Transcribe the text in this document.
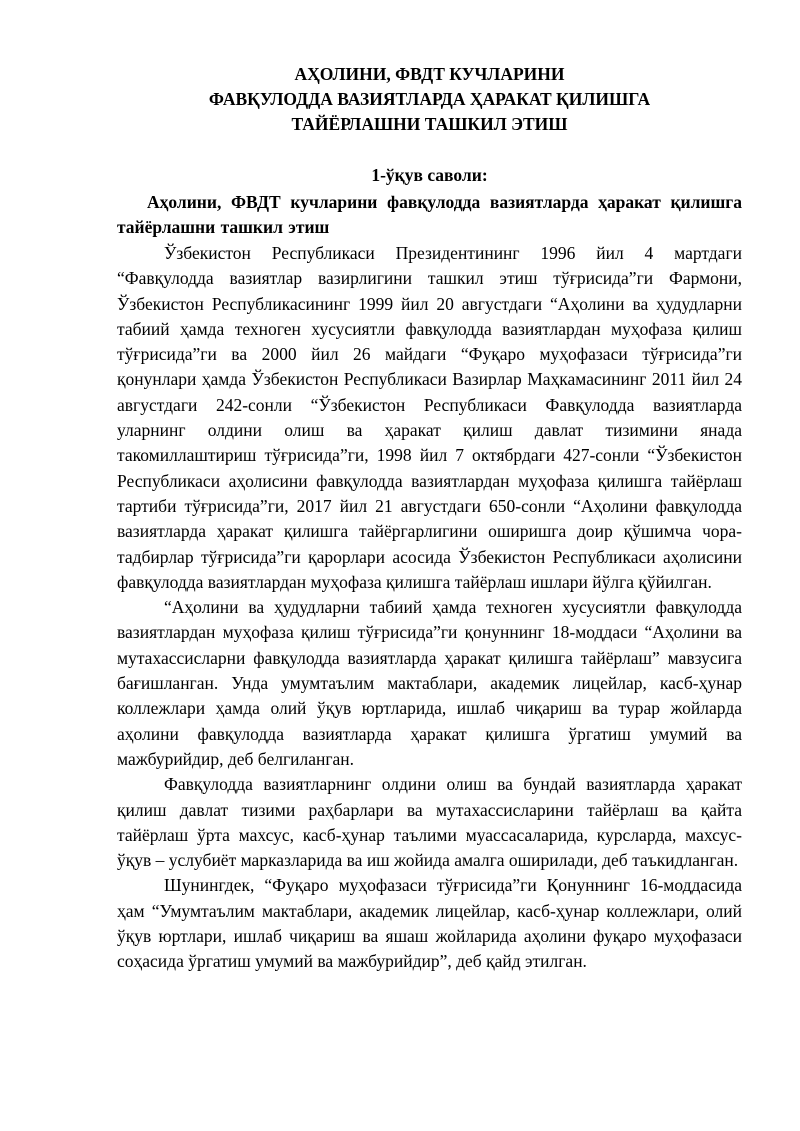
АҲОЛИНИ, ФВДТ КУЧЛАРИНИ
ФАВҚУЛОДДА ВАЗИЯТЛАРДА ҲАРАКАТ ҚИЛИШГА
ТАЙЁРЛАШНИ ТАШКИЛ ЭТИШ

1-ўқув саволи:

Аҳолини, ФВДТ кучларини фавқулодда вазиятларда ҳаракат қилишга тайёрлашни ташкил этиш

Ўзбекистон Республикаси Президентининг 1996 йил 4 мартдаги “Фавқулодда вазиятлар вазирлигини ташкил этиш тўғрисида”ги Фармони, Ўзбекистон Республикасининг 1999 йил 20 августдаги “Аҳолини ва ҳудудларни табиий ҳамда техноген хусусиятли фавқулодда вазиятлардан муҳофаза қилиш тўғрисида”ги ва 2000 йил 26 майдаги “Фуқаро муҳофазаси тўғрисида”ги қонунлари ҳамда Ўзбекистон Республикаси Вазирлар Маҳкамасининг 2011 йил 24 августдаги 242-сонли “Ўзбекистон Республикаси Фавқулодда вазиятларда уларнинг олдини олиш ва ҳаракат қилиш давлат тизимини янада такомиллаштириш тўғрисида”ги, 1998 йил 7 октябрдаги 427-сонли “Ўзбекистон Республикаси аҳолисини фавқулодда вазиятлардан муҳофаза қилишга тайёрлаш тартиби тўғрисида”ги, 2017 йил 21 августдаги 650-сонли “Аҳолини фавқулодда вазиятларда ҳаракат қилишга тайёргарлигини оширишга доир қўшимча чора-тадбирлар тўғрисида”ги қарорлари асосида Ўзбекистон Республикаси аҳолисини фавқулодда вазиятлардан муҳофаза қилишга тайёрлаш ишлари йўлга қўйилган.

“Аҳолини ва ҳудудларни табиий ҳамда техноген хусусиятли фавқулодда вазиятлардан муҳофаза қилиш тўғрисида”ги қонуннинг 18-моддаси “Аҳолини ва мутахассисларни фавқулодда вазиятларда ҳаракат қилишга тайёрлаш” мавзусига бағишланган. Унда умумтаълим мактаблари, академик лицейлар, касб-ҳунар коллежлари ҳамда олий ўқув юртларида, ишлаб чиқариш ва турар жойларда аҳолини фавқулодда вазиятларда ҳаракат қилишга ўргатиш умумий ва мажбурийдир, деб белгиланган.

Фавқулодда вазиятларнинг олдини олиш ва бундай вазиятларда ҳаракат қилиш давлат тизими раҳбарлари ва мутахассисларини тайёрлаш ва қайта тайёрлаш ўрта махсус, касб-ҳунар таълими муассасаларида, курсларда, махсус-ўқув – услубиёт марказларида ва иш жойида амалга оширилади, деб таъкидланган.

Шунингдек, “Фуқаро муҳофазаси тўғрисида”ги Қонуннинг 16-моддасида ҳам “Умумтаълим мактаблари, академик лицейлар, касб-ҳунар коллежлари, олий ўқув юртлари, ишлаб чиқариш ва яшаш жойларида аҳолини фуқаро муҳофазаси соҳасида ўргатиш умумий ва мажбурийдир”, деб қайд этилган.
